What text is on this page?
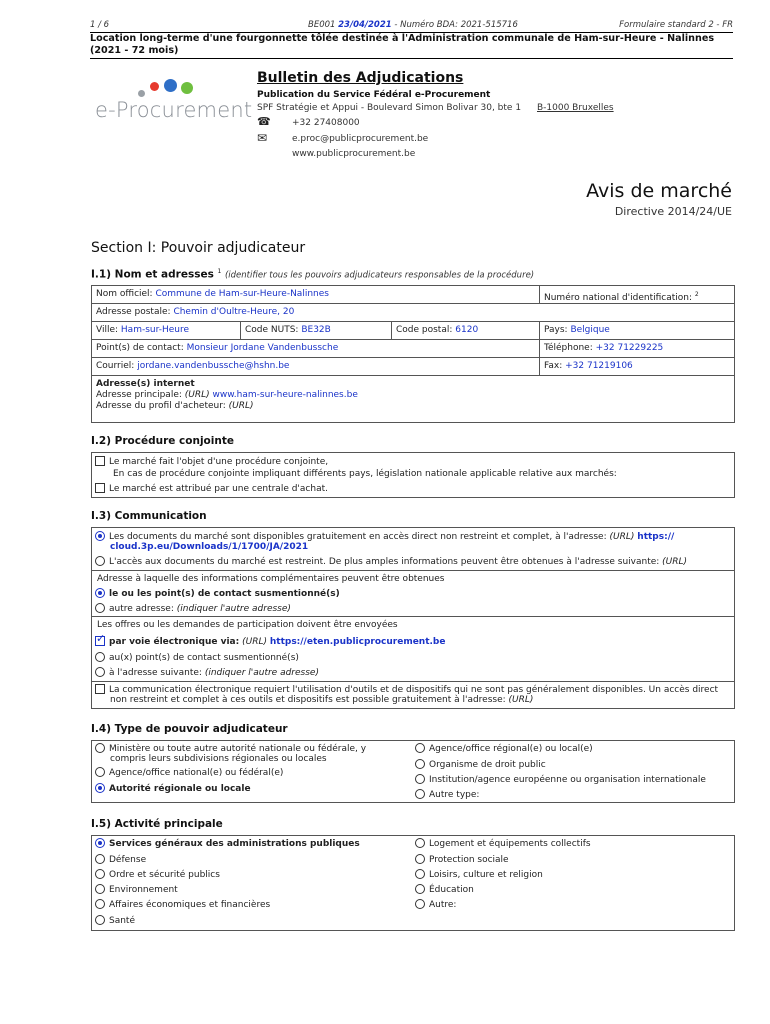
1 / 6	BE001 23/04/2021 - Numéro BDA: 2021-515716	Formulaire standard 2 - FR
Location long-terme d'une fourgonnette tôlée destinée à l'Administration communale de Ham-sur-Heure - Nalinnes (2021 - 72 mois)
e-Procurement
Bulletin des Adjudications
Publication du Service Fédéral e-Procurement
SPF Stratégie et Appui - Boulevard Simon Bolivar 30, bte 1 B-1000 Bruxelles
☎ +32 27408000
✉	e.proc@publicprocurement.be
www.publicprocurement.be
Avis de marché
Directive 2014/24/UE
Section I: Pouvoir adjudicateur
I.1) Nom et adresses $^1$ (identifier tous les pouvoirs adjudicateurs responsables de la procédure)
Nom officiel: Commune de Ham-sur-Heure-Nalinnes	Numéro national d'identification: $^2$
Adresse postale: Chemin d'Oultre-Heure, 20
Ville: Ham-sur-Heure	Code NUTS: BE32B	Code postal: 6120	Pays: Belgique
Point(s) de contact: Monsieur Jordane Vandenbussche	Téléphone: +32 71229225
Courriel: jordane.vandenbussche@hshn.be	Fax: +32 71219106
Adresse(s) internet
Adresse principale: (URL) www.ham-sur-heure-nalinnes.be
Adresse du profil d'acheteur: (URL)
I.2) Procédure conjointe
Le marché fait l'objet d'une procédure conjointe,
En cas de procédure conjointe impliquant différents pays, législation nationale applicable relative aux marchés:
Le marché est attribué par une centrale d'achat.
I.3) Communication
Les documents du marché sont disponibles gratuitement en accès direct non restreint et complet, à l'adresse: (URL) https://
cloud.3p.eu/Downloads/1/1700/JA/2021
L'accès aux documents du marché est restreint. De plus amples informations peuvent être obtenues à l'adresse suivante: (URL)
Adresse à laquelle des informations complémentaires peuvent être obtenues
le ou les point(s) de contact susmentionné(s)
autre adresse: (indiquer l'autre adresse)
Les offres ou les demandes de participation doivent être envoyées
✓par voie électronique via: (URL) https://eten.publicprocurement.be
au(x) point(s) de contact susmentionné(s)
à l'adresse suivante: (indiquer l'autre adresse)
La communication électronique requiert l'utilisation d'outils et de dispositifs qui ne sont pas généralement disponibles. Un accès direct
non restreint et complet à ces outils et dispositifs est possible gratuitement à l'adresse: (URL)
I.4) Type de pouvoir adjudicateur
Ministère ou toute autre autorité nationale ou fédérale, y
compris leurs subdivisions régionales ou locales
Agence/office national(e) ou fédéral(e)
Autorité régionale ou locale
Agence/office régional(e) ou local(e)
Organisme de droit public
Institution/agence européenne ou organisation internationale
Autre type:
I.5) Activité principale
Services généraux des administrations publiques
Défense
Ordre et sécurité publics
Environnement
Affaires économiques et financières
Santé
Logement et équipements collectifs
Protection sociale
Loisirs, culture et religion
Éducation
Autre:
